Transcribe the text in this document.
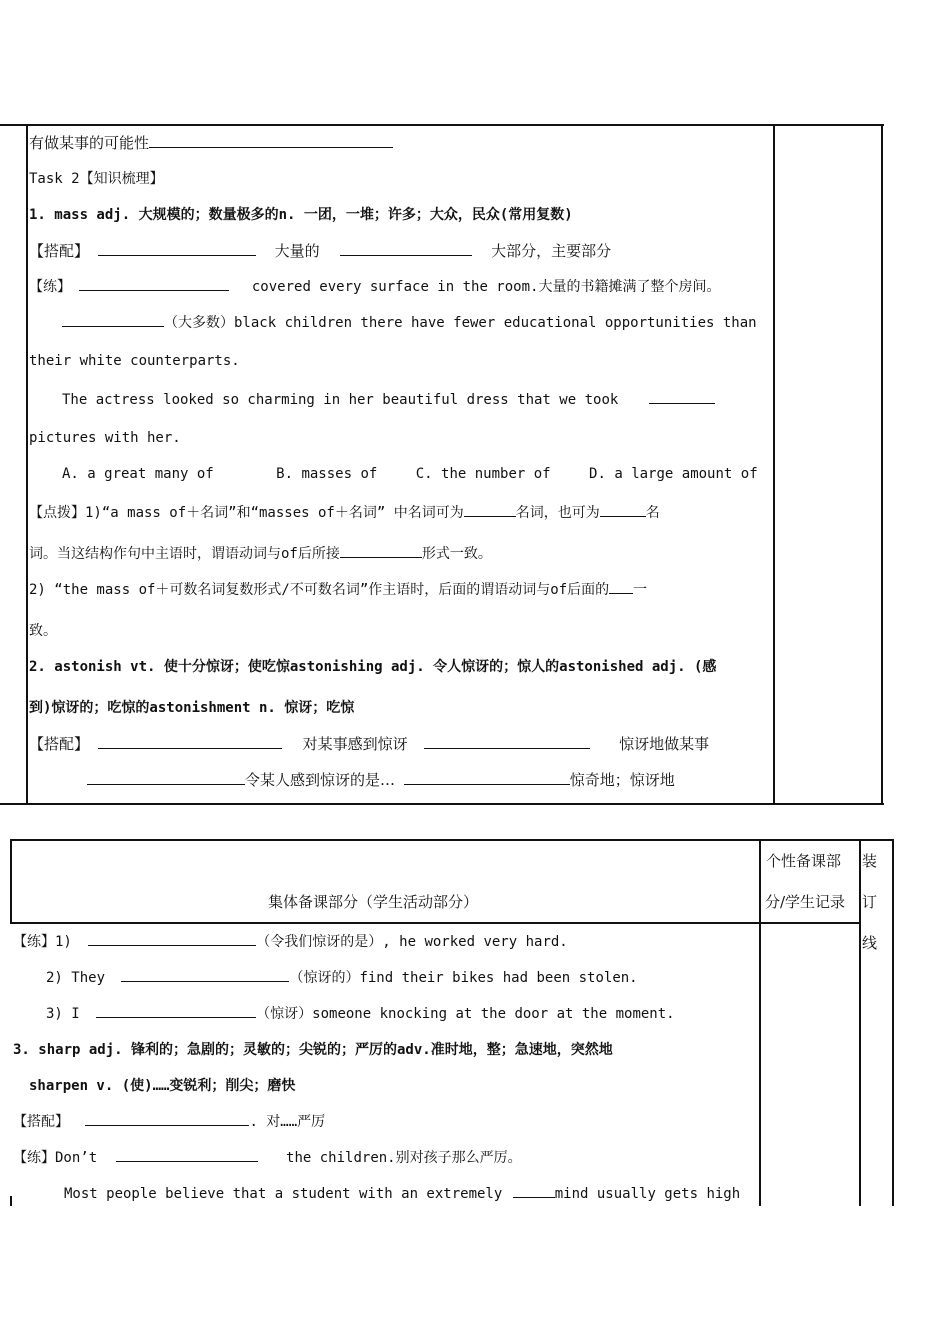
有做某事的可能性
Task 2【知识梳理】
1. mass adj. 大规模的；数量极多的n. 一团，一堆；许多；大众，民众(常用复数)
【搭配】	大量的	大部分，主要部分
【练】	covered every surface in the room.大量的书籍摊满了整个房间。
（大多数）black children there have fewer educational opportunities than
their white counterparts.
The actress looked so charming in her beautiful dress that we took
pictures with her.
A. a great many of	B. masses of	C. the number of	D. a large amount of
【点拨】1)“a mass of＋名词”和“masses of＋名词” 中名词可为	名词，也可为	名
词。当这结构作句中主语时，谓语动词与of后所接	形式一致。
2) “the mass of＋可数名词复数形式/不可数名词”作主语时，后面的谓语动词与of后面的 一
致。
2. astonish vt. 使十分惊讶；使吃惊astonishing adj. 令人惊讶的；惊人的astonished adj. (感
到)惊讶的；吃惊的astonishment n. 惊讶；吃惊
【搭配】	对某事感到惊讶	惊讶地做某事
令某人感到惊讶的是…	惊奇地；惊讶地
集体备课部分（学生活动部分）
个性备课部
分/学生记录
装
订
线
【练】1)	（令我们惊讶的是）, he worked very hard.
2) They	（惊讶的）find their bikes had been stolen.
3) I	（惊讶）someone knocking at the door at the moment.
3. sharp adj. 锋利的；急剧的；灵敏的；尖锐的；严厉的adv.准时地，整；急速地，突然地
sharpen v. (使)……变锐利；削尖；磨快
【搭配】	. 对……严厉
【练】Don’t	the children.别对孩子那么严厉。
Most people believe that a student with an extremely	mind usually gets high
